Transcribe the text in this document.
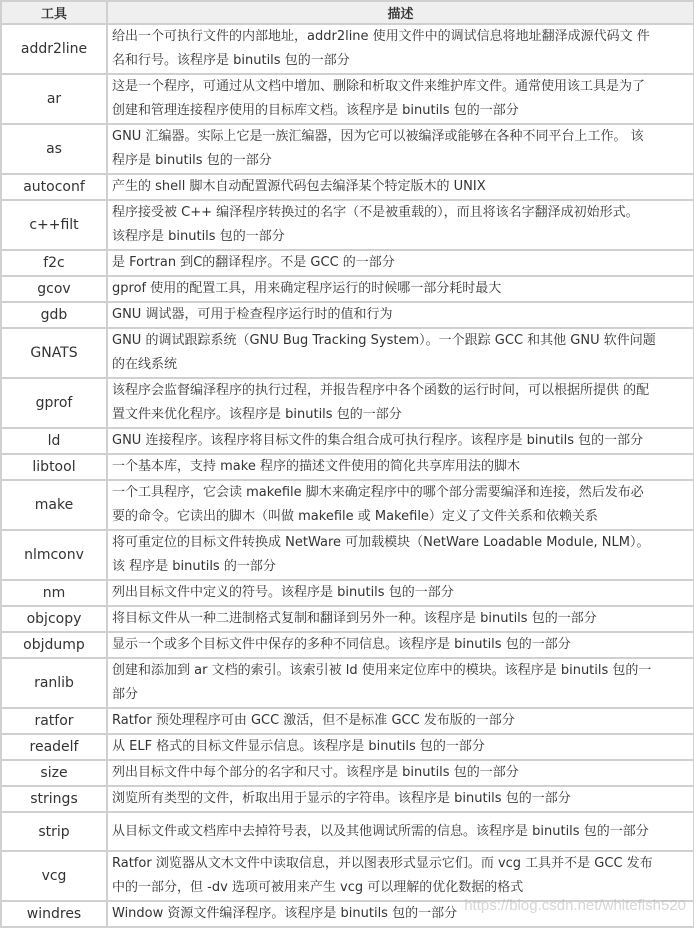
工具	描述
addr2line	给出一个可执行文件的内部地址，addr2line 使用文件中的调试信息将地址翻泽成源代码文 件
名和行号。该程序是 binutils 包的一部分

ar	这是一个程序，可通过从文档中增加、删除和析取文件来维护库文件。通常使用该工具是为了
创建和管理连接程序使用的目标库文档。该程序是 binutils 包的一部分

as	GNU 汇编器。实际上它是一族汇编器，因为它可以被编泽或能够在各种不同平台上工作。 该
程序是 binutils 包的一部分

autoconf	产生的 shell 脚木自动配置源代码包去编泽某个特定版木的 UNIX

c++filt	程序接受被 C++ 编泽程序转换过的名字（不是被重载的），而且将该名字翻泽成初始形式。
该程序是 binutils 包的一部分

f2c	是 Fortran 到C的翻译程序。不是 GCC 的一部分

gcov	gprof 使用的配置工具，用来确定程序运行的时候哪一部分耗时最大

gdb	GNU 调试器，可用于检查程序运行时的值和行为

GNATS	GNU 的调试跟踪系统（GNU Bug Tracking System）。一个跟踪 GCC 和其他 GNU 软件问题
的在线系统

gprof	该程序会监督编泽程序的执行过程，并报告程序中各个函数的运行时间，可以根据所提供 的配
置文件来优化程序。该程序是 binutils 包的一部分

ld	GNU 连接程序。该程序将目标文件的集合组合成可执行程序。该程序是 binutils 包的一部分

libtool	一个基本库，支持 make 程序的描述文件使用的简化共享库用法的脚木

make	一个工具程序，它会读 makefile 脚木来确定程序中的哪个部分需要编泽和连接，然后发布必
要的命令。它读出的脚木（叫做 makefile 或 Makefile）定义了文件关系和依赖关系

nlmconv	将可重定位的目标文件转换成 NetWare 可加载模块（NetWare Loadable Module, NLM）。
该 程序是 binutils 的一部分

nm	列出目标文件中定义的符号。该程序是 binutils 包的一部分

objcopy	将目标文件从一种二进制格式复制和翻译到另外一种。该程序是 binutils 包的一部分

objdump	显示一个或多个目标文件中保存的多种不同信息。该程序是 binutils 包的一部分

ranlib	创建和添加到 ar 文档的索引。该索引被 ld 使用来定位库中的模块。该程序是 binutils 包的一
部分

ratfor	Ratfor 预处理程序可由 GCC 激活，但不是标准 GCC 发布版的一部分

readelf	从 ELF 格式的目标文件显示信息。该程序是 binutils 包的一部分

size	列出目标文件中每个部分的名字和尺寸。该程序是 binutils 包的一部分

strings	浏览所有类型的文件，析取出用于显示的字符串。该程序是 binutils 包的一部分

strip	从目标文件或文档库中去掉符号表，以及其他调试所需的信息。该程序是 binutils 包的一部分

vcg	Ratfor 浏览器从文木文件中读取信息，并以图表形式显示它们。而 vcg 工具并不是 GCC 发布
中的一部分，但 -dv 选项可被用来产生 vcg 可以理解的优化数据的格式

windres	Window 资源文件编泽程序。该程序是 binutils 包的一部分 https://blog.csdn.net/whitefish520
